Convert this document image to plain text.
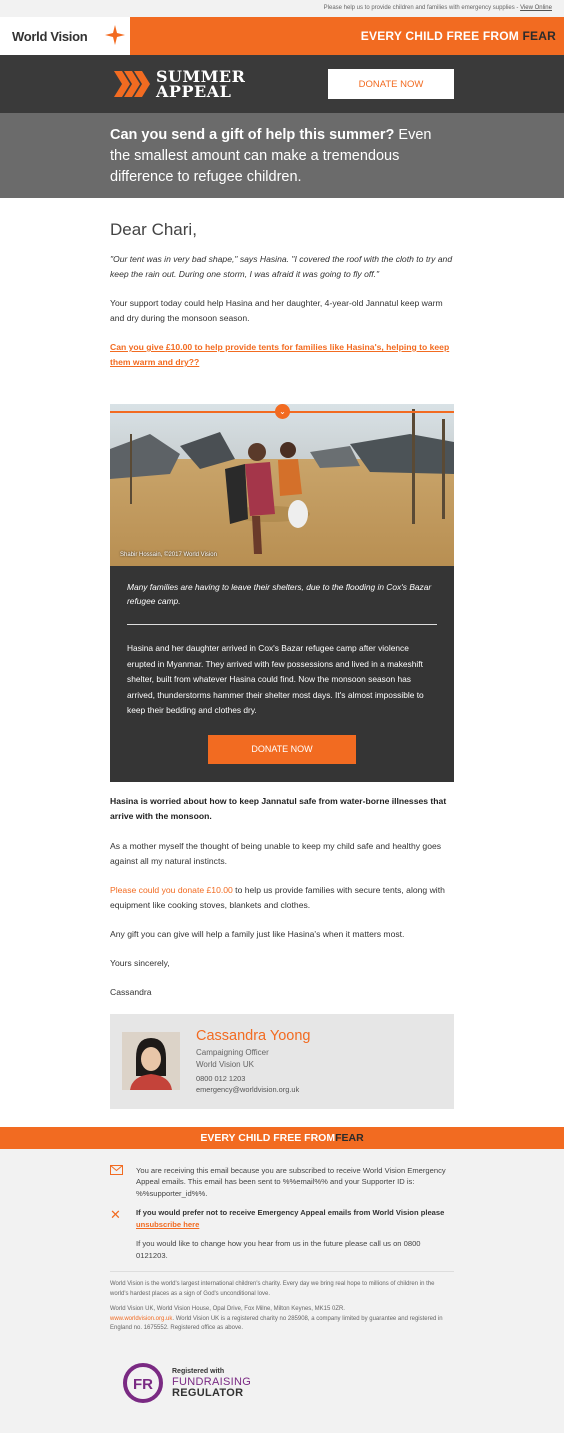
Please help us to provide children and families with emergency supplies - View Online
World Vision	EVERY CHILD FREE FROM FEAR
SUMMER
APPEAL	DONATE NOW
Can you send a gift of help this summer? Even the smallest amount can make a tremendous difference to refugee children.
Dear Chari,

"Our tent was in very bad shape," says Hasina. "I covered the roof with the cloth to try and keep the rain out. During one storm, I was afraid it was going to fly off."

Your support today could help Hasina and her daughter, 4-year-old Jannatul keep warm and dry during the monsoon season.

Can you give £10.00 to help provide tents for families like Hasina's, helping to keep them warm and dry??
⌄
Shabir Hossain, ©2017 World Vision

Many families are having to leave their shelters, due to the flooding in Cox's Bazar refugee camp.

Hasina and her daughter arrived in Cox's Bazar refugee camp after violence erupted in Myanmar. They arrived with few possessions and lived in a makeshift shelter, built from whatever Hasina could find. Now the monsoon season has arrived, thunderstorms hammer their shelter most days. It's almost impossible to keep their bedding and clothes dry.

DONATE NOW

Hasina is worried about how to keep Jannatul safe from water-borne illnesses that arrive with the monsoon.

As a mother myself the thought of being unable to keep my child safe and healthy goes against all my natural instincts.

Please could you donate £10.00 to help us provide families with secure tents, along with equipment like cooking stoves, blankets and clothes.

Any gift you can give will help a family just like Hasina's when it matters most.

Yours sincerely,

Cassandra

Cassandra Yoong
Campaigning Officer
World Vision UK
0800 012 1203
emergency@worldvision.org.uk
EVERY CHILD FREE FROM FEAR
You are receiving this email because you are subscribed to receive World Vision Emergency Appeal emails. This email has been sent to %%email%% and your Supporter ID is: %%supporter_id%%.
✕	If you would prefer not to receive Emergency Appeal emails from World Vision please unsubscribe here
If you would like to change how you hear from us in the future please call us on 0800 0121203.

World Vision is the world's largest international children's charity. Every day we bring real hope to millions of children in the world's hardest places as a sign of God's unconditional love.

World Vision UK, World Vision House, Opal Drive, Fox Milne, Milton Keynes, MK15 0ZR.
www.worldvision.org.uk. World Vision UK is a registered charity no 285908, a company limited by guarantee and registered in England no. 1675552. Registered office as above.

FR
Registered with
FUNDRAISING
REGULATOR
